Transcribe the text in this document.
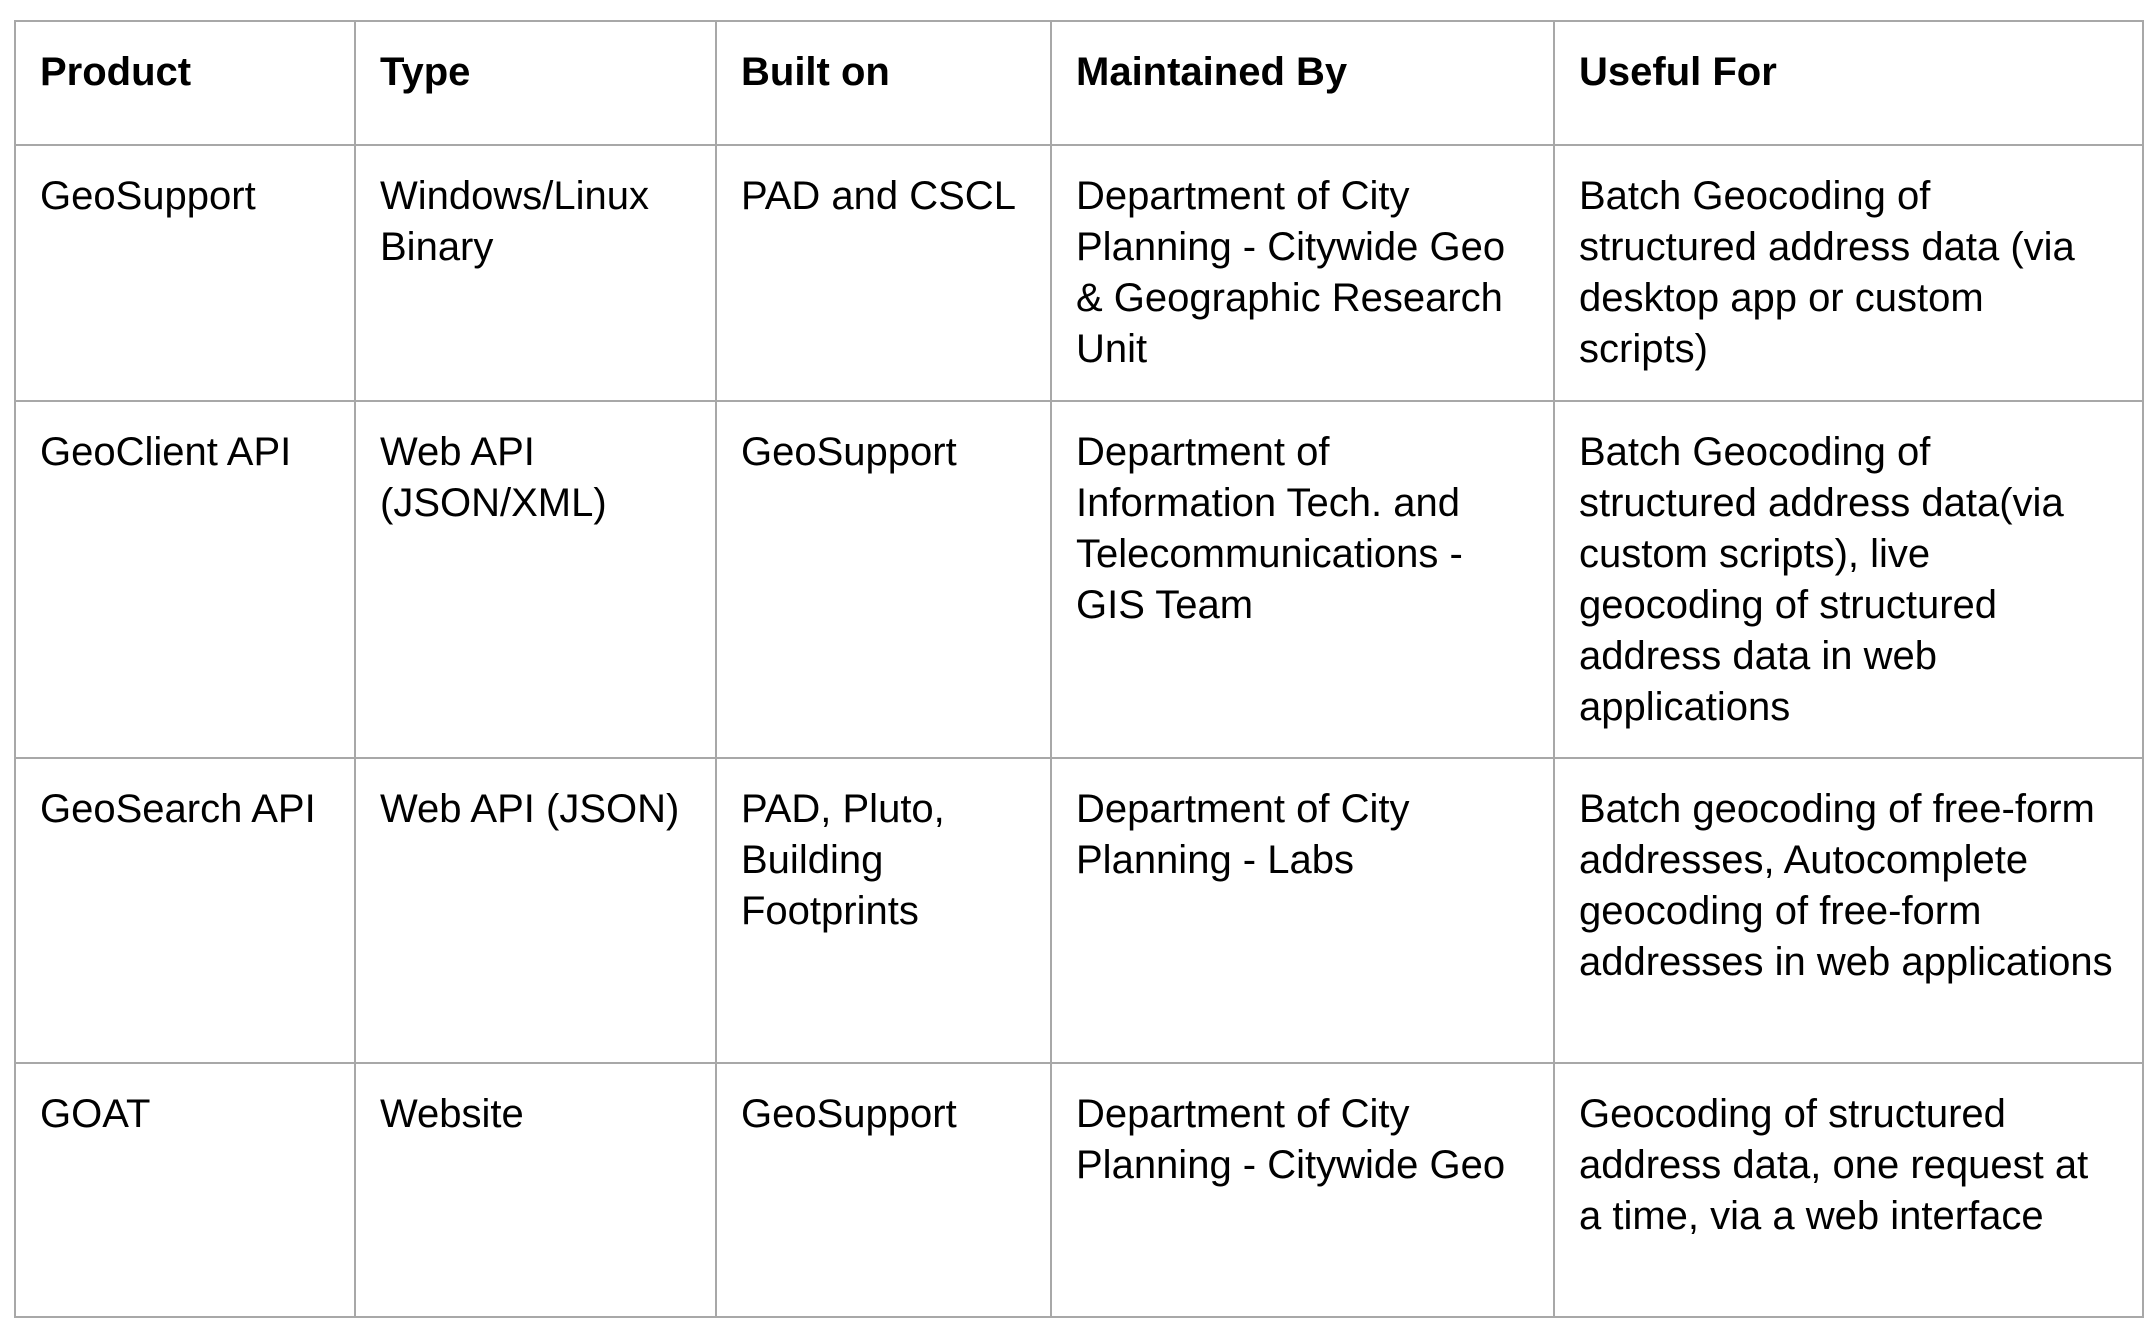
Product	Type	Built on	Maintained By	Useful For
GeoSupport	Windows/Linux Binary	PAD and CSCL	Department of City Planning - Citywide Geo & Geographic Research Unit	Batch Geocoding of structured address data (via desktop app or custom scripts)
GeoClient API	Web API (JSON/XML)	GeoSupport	Department of Information Tech. and Telecommunications - GIS Team	Batch Geocoding of structured address data(via custom scripts), live geocoding of structured address data in web applications
GeoSearch API	Web API (JSON)	PAD, Pluto, Building Footprints	Department of City Planning - Labs	Batch geocoding of free-form addresses, Autocomplete geocoding of free-form addresses in web applications
GOAT	Website	GeoSupport	Department of City Planning - Citywide Geo	Geocoding of structured address data, one request at a time, via a web interface
